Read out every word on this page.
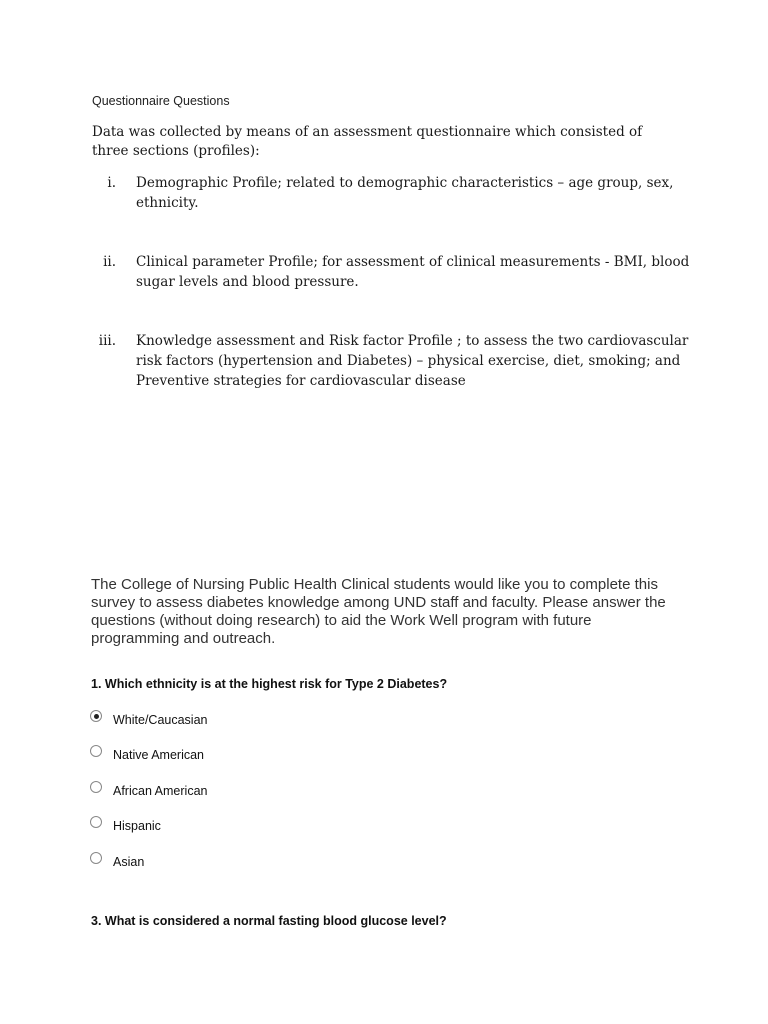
Questionnaire Questions
Data was collected by means of an assessment questionnaire which consisted of three sections (profiles):
i. Demographic Profile; related to demographic characteristics – age group, sex, ethnicity.
ii. Clinical parameter Profile; for assessment of clinical measurements - BMI, blood sugar levels and blood pressure.
iii. Knowledge assessment and Risk factor Profile ; to assess the two cardiovascular risk factors (hypertension and Diabetes) – physical exercise, diet, smoking; and Preventive strategies for cardiovascular disease
The College of Nursing Public Health Clinical students would like you to complete this survey to assess diabetes knowledge among UND staff and faculty. Please answer the questions (without doing research) to aid the Work Well program with future programming and outreach.
1. Which ethnicity is at the highest risk for Type 2 Diabetes?
White/Caucasian
Native American
African American
Hispanic
Asian
3. What is considered a normal fasting blood glucose level?
